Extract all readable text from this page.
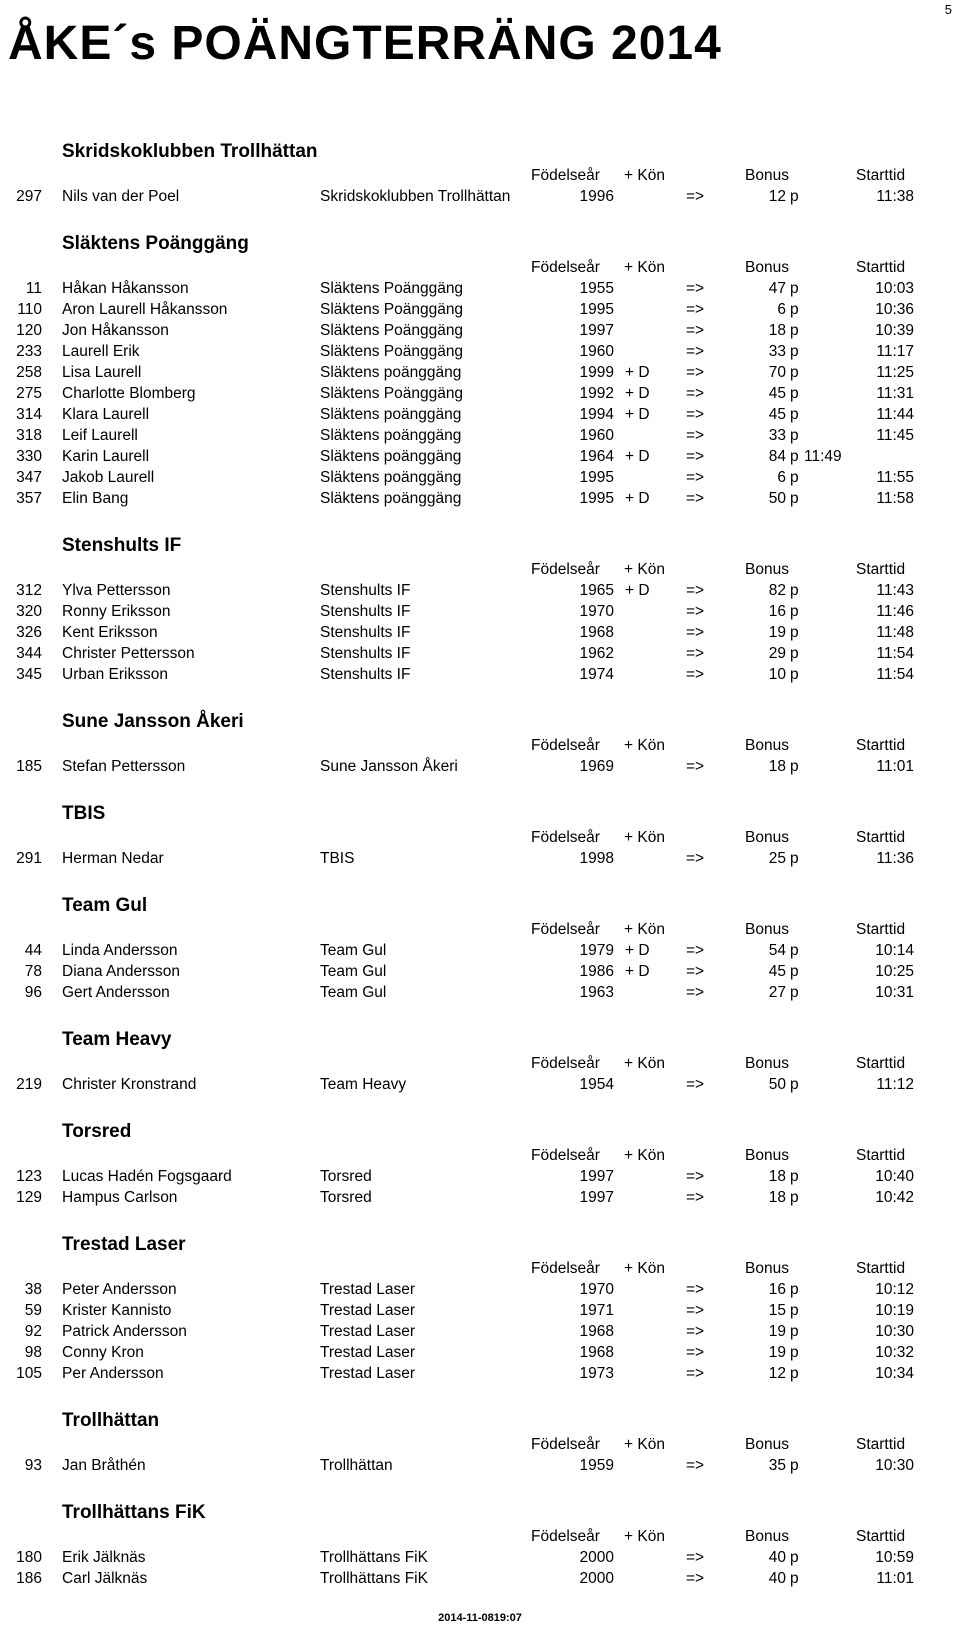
5
ÅKE´s POÄNGTERRÄNG 2014
Skridskoklubben Trollhättan
Födelseår + Kön	Bonus	Starttid
297 Nils van der Poel	Skridskoklubben Trollhättan	1996	=>	12 p	11:38
Släktens Poänggäng
Födelseår + Kön	Bonus	Starttid
11 Håkan Håkansson	Släktens Poänggäng	1955	=>	47 p	10:03
110 Aron Laurell Håkansson	Släktens Poänggäng	1995	=>	6 p	10:36
120 Jon Håkansson	Släktens Poänggäng	1997	=>	18 p	10:39
233 Laurell Erik	Släktens Poänggäng	1960	=>	33 p	11:17
258 Lisa Laurell	Släktens poänggäng	1999 + D =>	70 p	11:25
275 Charlotte Blomberg	Släktens Poänggäng	1992 + D =>	45 p	11:31
314 Klara Laurell	Släktens poänggäng	1994 + D =>	45 p	11:44
318 Leif Laurell	Släktens poänggäng	1960	=>	33 p	11:45
330 Karin Laurell	Släktens poänggäng	1964 + D =>	84 p 11:49
347 Jakob Laurell	Släktens poänggäng	1995	=>	6 p	11:55
357 Elin Bang	Släktens poänggäng	1995 + D =>	50 p	11:58
Stenshults IF
Födelseår + Kön	Bonus	Starttid
312 Ylva Pettersson	Stenshults IF	1965 + D =>	82 p	11:43
320 Ronny Eriksson	Stenshults IF	1970	=>	16 p	11:46
326 Kent Eriksson	Stenshults IF	1968	=>	19 p	11:48
344 Christer Pettersson	Stenshults IF	1962	=>	29 p	11:54
345 Urban Eriksson	Stenshults IF	1974	=>	10 p	11:54
Sune Jansson Åkeri
Födelseår + Kön	Bonus	Starttid
185 Stefan Pettersson	Sune Jansson Åkeri	1969	=>	18 p	11:01
TBIS
Födelseår + Kön	Bonus	Starttid
291 Herman Nedar	TBIS	1998	=>	25 p	11:36
Team Gul
Födelseår + Kön	Bonus	Starttid
44 Linda Andersson	Team Gul	1979 + D =>	54 p	10:14
78 Diana Andersson	Team Gul	1986 + D =>	45 p	10:25
96 Gert Andersson	Team Gul	1963	=>	27 p	10:31
Team Heavy
Födelseår + Kön	Bonus	Starttid
219 Christer Kronstrand	Team Heavy	1954	=>	50 p	11:12
Torsred
Födelseår + Kön	Bonus	Starttid
123 Lucas Hadén Fogsgaard	Torsred	1997	=>	18 p	10:40
129 Hampus Carlson	Torsred	1997	=>	18 p	10:42
Trestad Laser
Födelseår + Kön	Bonus	Starttid
38 Peter Andersson	Trestad Laser	1970	=>	16 p	10:12
59 Krister Kannisto	Trestad Laser	1971	=>	15 p	10:19
92 Patrick Andersson	Trestad Laser	1968	=>	19 p	10:30
98 Conny Kron	Trestad Laser	1968	=>	19 p	10:32
105 Per Andersson	Trestad Laser	1973	=>	12 p	10:34
Trollhättan
Födelseår + Kön	Bonus	Starttid
93 Jan Bråthén	Trollhättan	1959	=>	35 p	10:30
Trollhättans FiK
Födelseår + Kön	Bonus	Starttid
180 Erik Jälknäs	Trollhättans FiK	2000	=>	40 p	10:59
186 Carl Jälknäs	Trollhättans FiK	2000	=>	40 p	11:01
2014-11-0819:07
